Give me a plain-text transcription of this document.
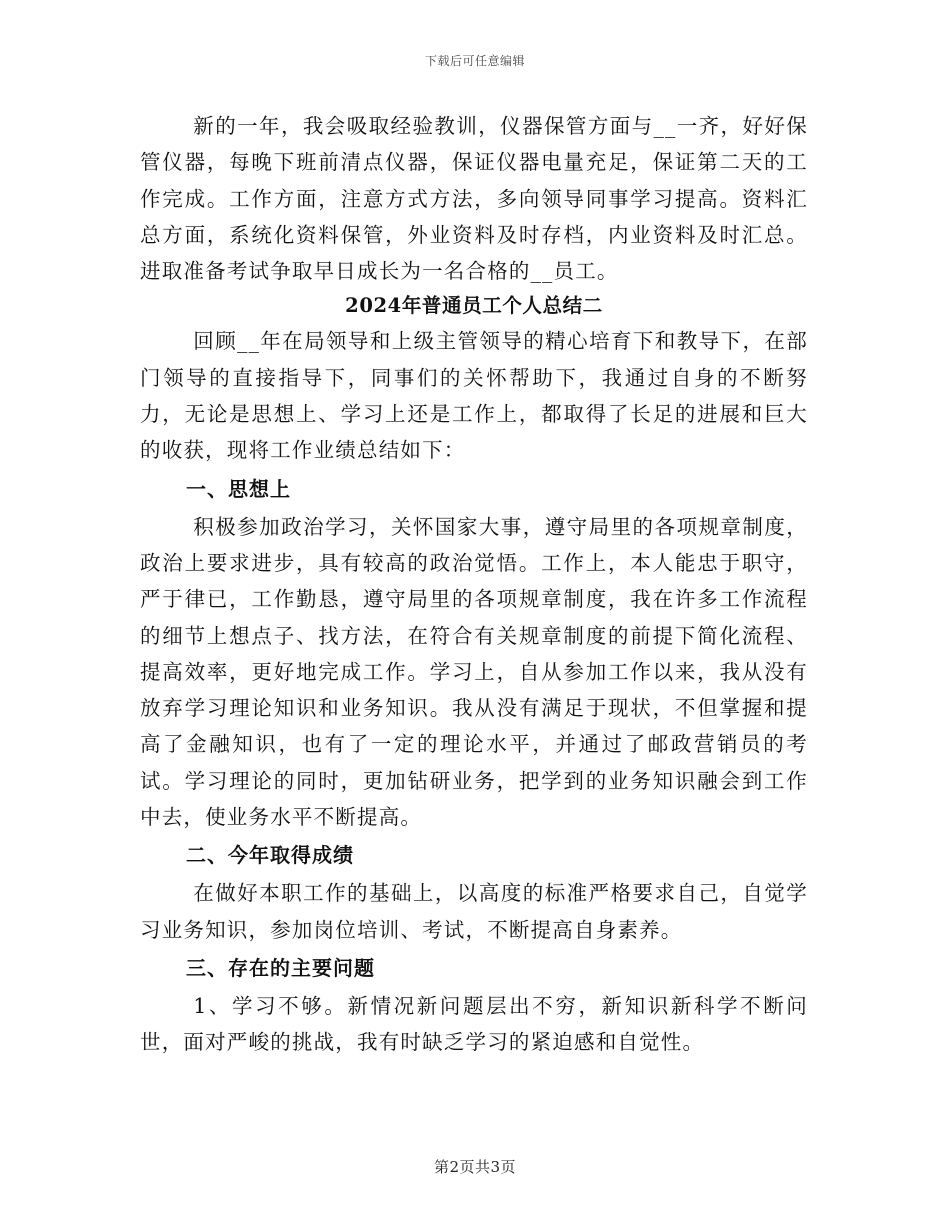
下载后可任意编辑

新的一年，我会吸取经验教训，仪器保管方面与__一齐，好好保管仪器，每晚下班前清点仪器，保证仪器电量充足，保证第二天的工作完成。工作方面，注意方式方法，多向领导同事学习提高。资料汇总方面，系统化资料保管，外业资料及时存档，内业资料及时汇总。进取准备考试争取早日成长为一名合格的__员工。

2024年普通员工个人总结二

回顾__年在局领导和上级主管领导的精心培育下和教导下，在部门领导的直接指导下，同事们的关怀帮助下，我通过自身的不断努力，无论是思想上、学习上还是工作上，都取得了长足的进展和巨大的收获，现将工作业绩总结如下：

一、思想上

积极参加政治学习，关怀国家大事，遵守局里的各项规章制度，政治上要求进步，具有较高的政治觉悟。工作上，本人能忠于职守，严于律已，工作勤恳，遵守局里的各项规章制度，我在许多工作流程的细节上想点子、找方法，在符合有关规章制度的前提下简化流程、提高效率，更好地完成工作。学习上，自从参加工作以来，我从没有放弃学习理论知识和业务知识。我从没有满足于现状，不但掌握和提高了金融知识，也有了一定的理论水平，并通过了邮政营销员的考试。学习理论的同时，更加钻研业务，把学到的业务知识融会到工作中去，使业务水平不断提高。

二、今年取得成绩

在做好本职工作的基础上，以高度的标准严格要求自己，自觉学习业务知识，参加岗位培训、考试，不断提高自身素养。

三、存在的主要问题

1、学习不够。新情况新问题层出不穷，新知识新科学不断问世，面对严峻的挑战，我有时缺乏学习的紧迫感和自觉性。

第2页共3页
